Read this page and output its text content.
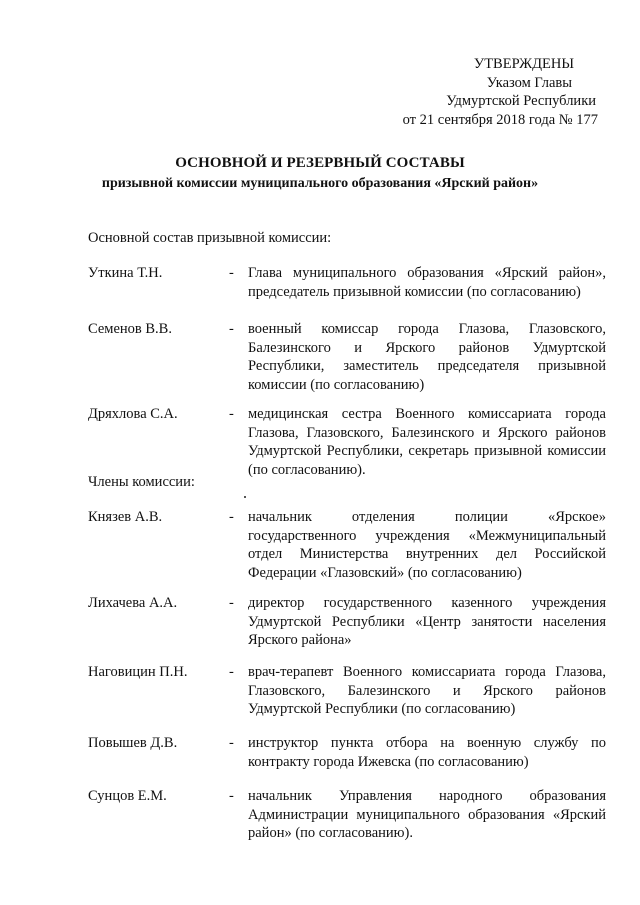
УТВЕРЖДЕНЫ
Указом Главы
Удмуртской Республики
от 21 сентября 2018 года № 177
ОСНОВНОЙ И РЕЗЕРВНЫЙ СОСТАВЫ
призывной комиссии муниципального образования «Ярский район»
Основной состав призывной комиссии:
Уткина Т.Н.	- Глава муниципального образования «Ярский район», председатель призывной комиссии (по согласованию)
Семенов В.В.	- военный комиссар города Глазова, Глазовского, Балезинского и Ярского районов Удмуртской Республики, заместитель председателя призывной комиссии (по согласованию)
Дряхлова С.А.	- медицинская сестра Военного комиссариата города Глазова, Глазовского, Балезинского и Ярского районов Удмуртской Республики, секретарь призывной комиссии (по согласованию).
Члены комиссии:
Князев А.В.	- начальник отделения полиции «Ярское» государственного учреждения «Межмуниципальный отдел Министерства внутренних дел Российской Федерации «Глазовский» (по согласованию)
Лихачева А.А.	- директор государственного казенного учреждения Удмуртской Республики «Центр занятости населения Ярского района»
Наговицин П.Н.	- врач-терапевт Военного комиссариата города Глазова, Глазовского, Балезинского и Ярского районов Удмуртской Республики (по согласованию)
Повышев Д.В.	- инструктор пункта отбора на военную службу по контракту города Ижевска (по согласованию)
Сунцов Е.М.	- начальник Управления народного образования Администрации муниципального образования «Ярский район» (по согласованию).
